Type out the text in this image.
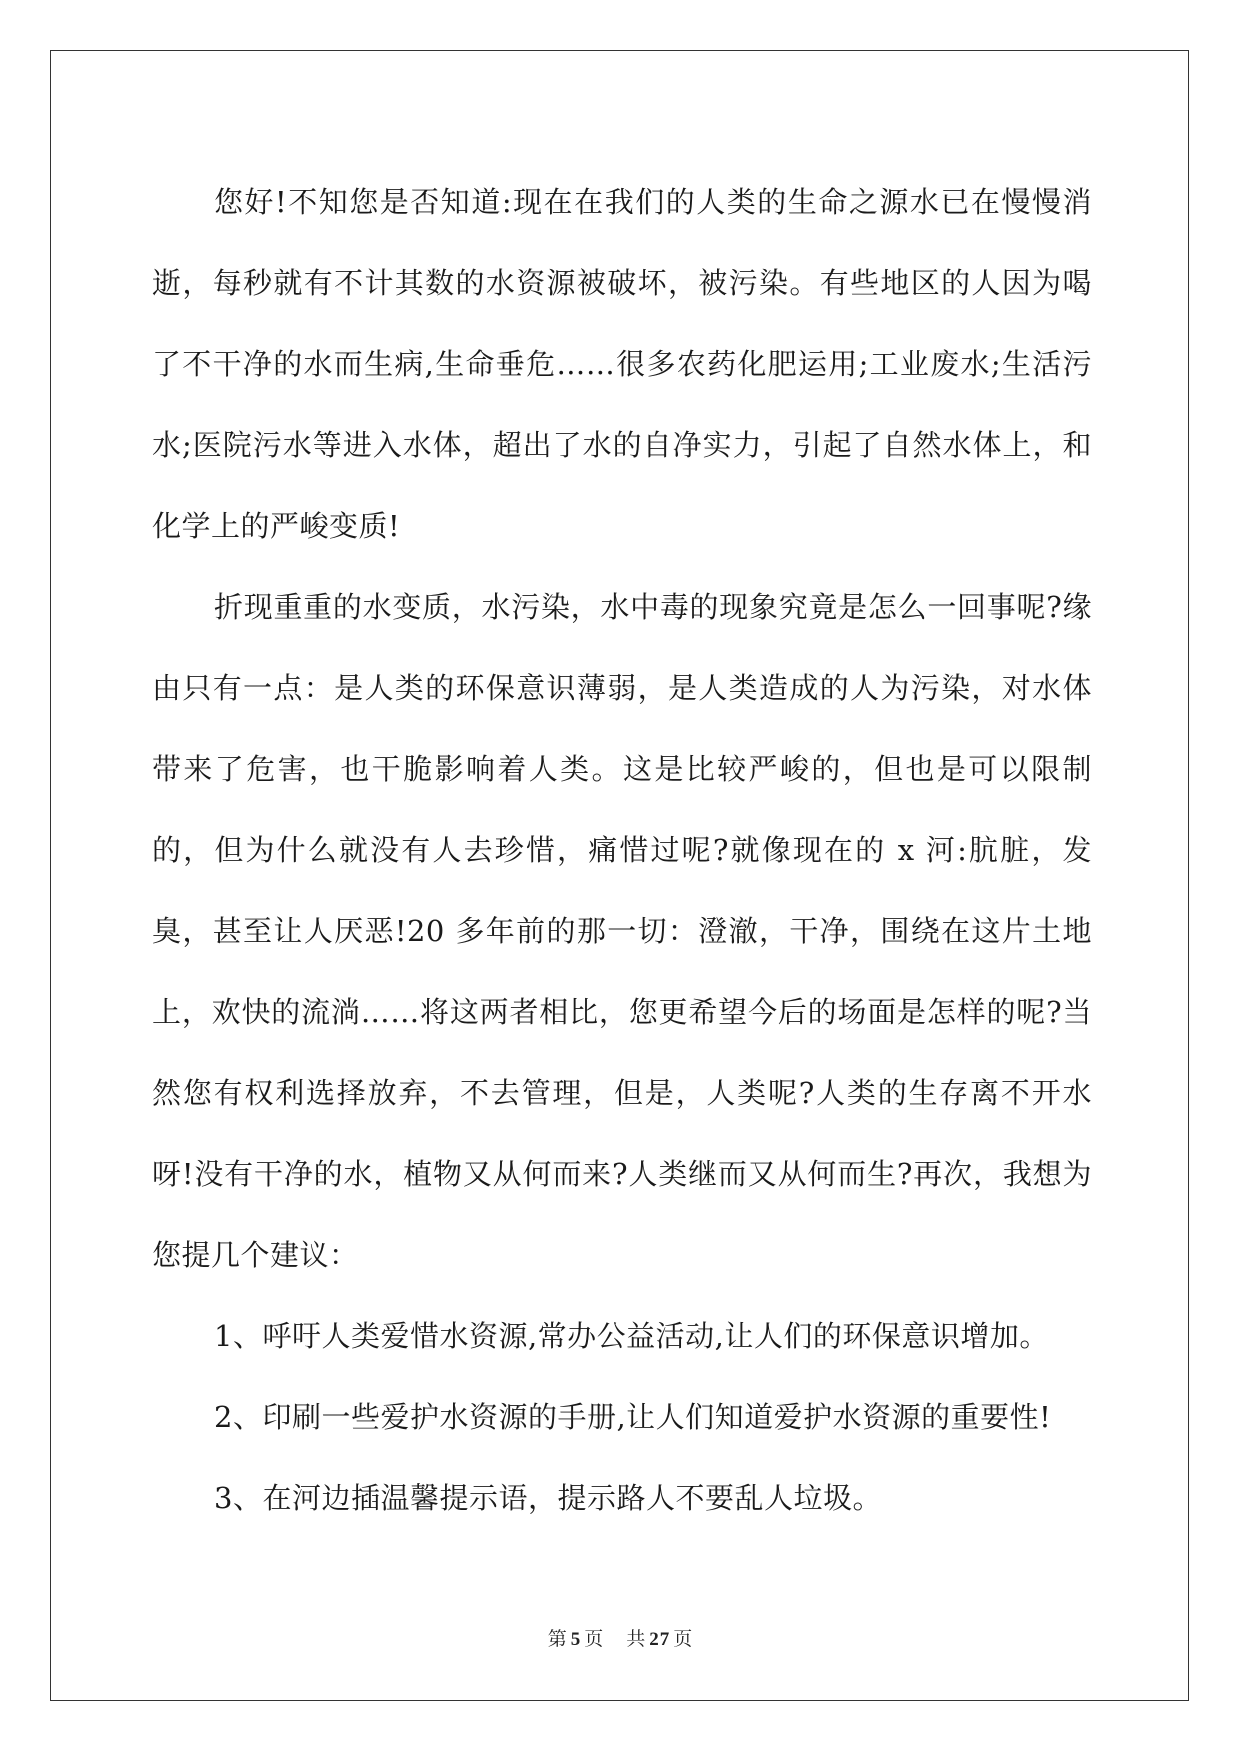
您好!不知您是否知道:现在在我们的人类的生命之源水已在慢慢消逝，每秒就有不计其数的水资源被破坏，被污染。有些地区的人因为喝了不干净的水而生病,生命垂危……很多农药化肥运用;工业废水;生活污水;医院污水等进入水体，超出了水的自净实力，引起了自然水体上，和化学上的严峻变质!

折现重重的水变质，水污染，水中毒的现象究竟是怎么一回事呢?缘由只有一点：是人类的环保意识薄弱，是人类造成的人为污染，对水体带来了危害，也干脆影响着人类。这是比较严峻的，但也是可以限制的，但为什么就没有人去珍惜，痛惜过呢?就像现在的 x 河:肮脏，发臭，甚至让人厌恶!20 多年前的那一切：澄澈，干净，围绕在这片土地上，欢快的流淌……将这两者相比，您更希望今后的场面是怎样的呢?当然您有权利选择放弃，不去管理，但是，人类呢?人类的生存离不开水呀!没有干净的水，植物又从何而来?人类继而又从何而生?再次，我想为您提几个建议：

1、呼吁人类爱惜水资源,常办公益活动,让人们的环保意识增加。

2、印刷一些爱护水资源的手册,让人们知道爱护水资源的重要性!

3、在河边插温馨提示语，提示路人不要乱人垃圾。

第 5 页 共 27 页
